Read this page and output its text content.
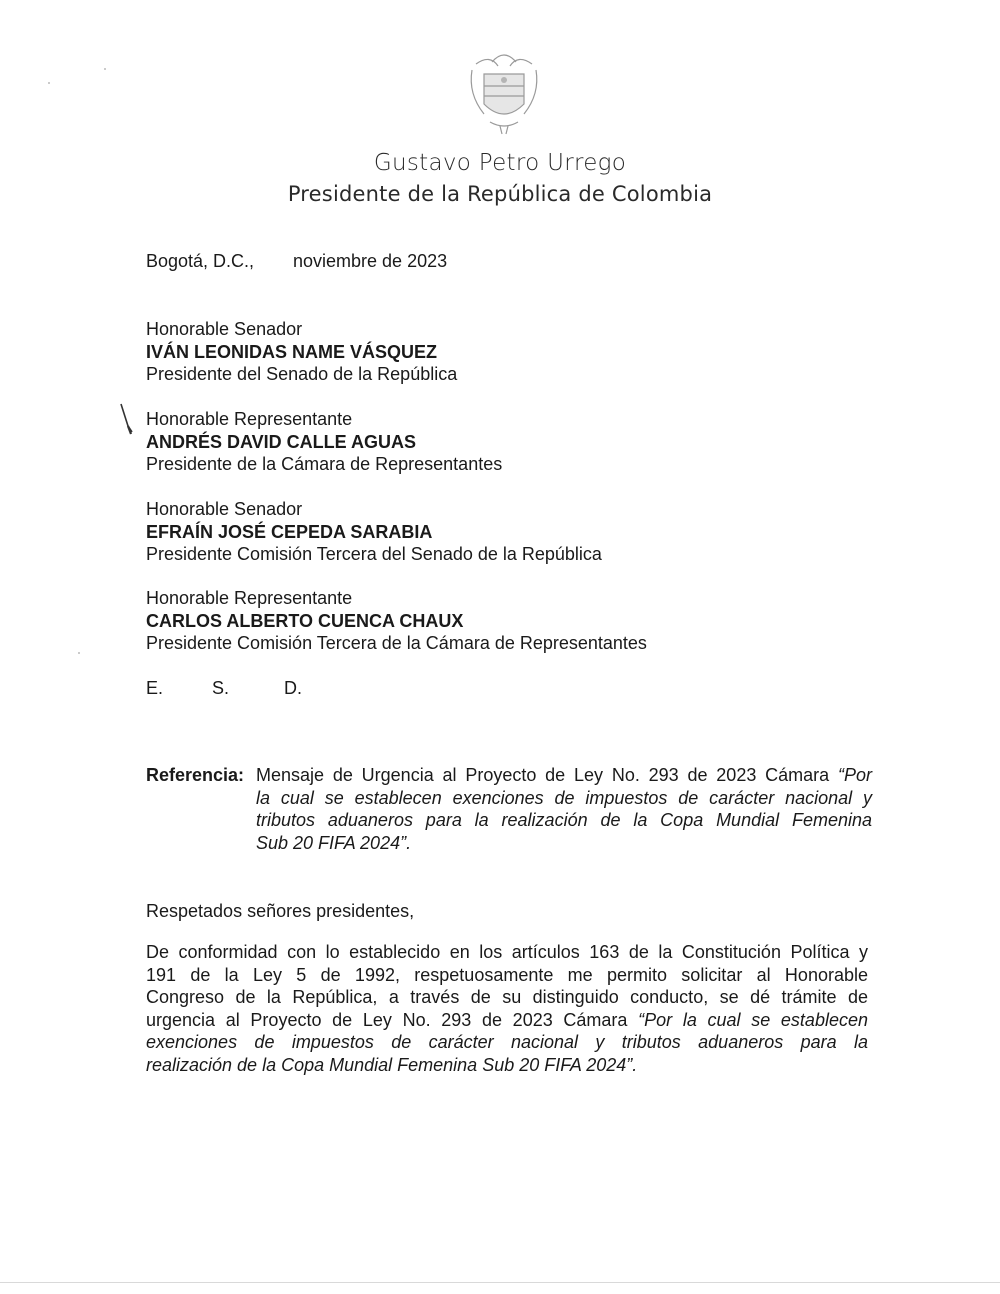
Gustavo Petro Urrego
Presidente de la República de Colombia
Bogotá, D.C., noviembre de 2023
Honorable Senador
IVÁN LEONIDAS NAME VÁSQUEZ
Presidente del Senado de la República
Honorable Representante
ANDRÉS DAVID CALLE AGUAS
Presidente de la Cámara de Representantes
Honorable Senador
EFRAÍN JOSÉ CEPEDA SARABIA
Presidente Comisión Tercera del Senado de la República
Honorable Representante
CARLOS ALBERTO CUENCA CHAUX
Presidente Comisión Tercera de la Cámara de Representantes
E.	S.	D.
Referencia: Mensaje de Urgencia al Proyecto de Ley No. 293 de 2023 Cámara “Por
la cual se establecen exenciones de impuestos de carácter nacional y
tributos aduaneros para la realización de la Copa Mundial Femenina
Sub 20 FIFA 2024”.
Respetados señores presidentes,
De conformidad con lo establecido en los artículos 163 de la Constitución Política y
191 de la Ley 5 de 1992, respetuosamente me permito solicitar al Honorable
Congreso de la República, a través de su distinguido conducto, se dé trámite de
urgencia al Proyecto de Ley No. 293 de 2023 Cámara “Por la cual se establecen
exenciones de impuestos de carácter nacional y tributos aduaneros para la
realización de la Copa Mundial Femenina Sub 20 FIFA 2024”.
